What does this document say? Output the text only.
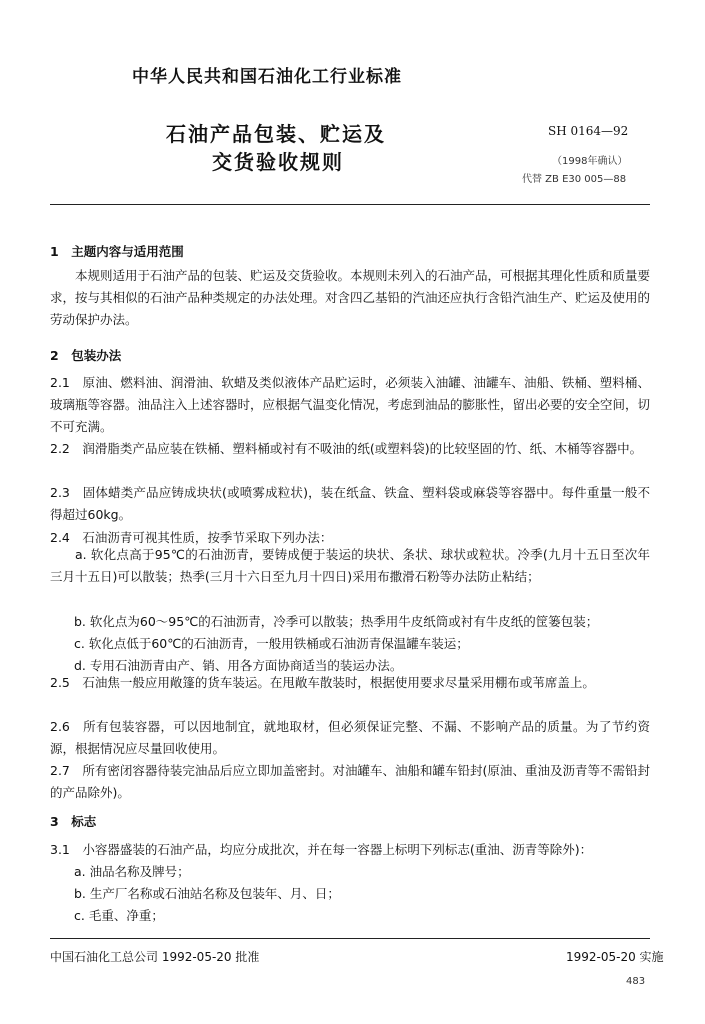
中华人民共和国石油化工行业标准
石油产品包装、贮运及
交货验收规则
SH 0164—92
（1998年确认）
代替 ZB E30 005—88
1　主题内容与适用范围
本规则适用于石油产品的包装、贮运及交货验收。本规则未列入的石油产品，可根据其理化性质和质量要求，按与其相似的石油产品种类规定的办法处理。对含四乙基铅的汽油还应执行含铅汽油生产、贮运及使用的劳动保护办法。
2　包装办法
2.1　原油、燃料油、润滑油、软蜡及类似液体产品贮运时，必须装入油罐、油罐车、油船、铁桶、塑料桶、玻璃瓶等容器。油品注入上述容器时，应根据气温变化情况，考虑到油品的膨胀性，留出必要的安全空间，切不可充满。
2.2　润滑脂类产品应装在铁桶、塑料桶或衬有不吸油的纸(或塑料袋)的比较坚固的竹、纸、木桶等容器中。
2.3　固体蜡类产品应铸成块状(或喷雾成粒状)，装在纸盒、铁盒、塑料袋或麻袋等容器中。每件重量一般不得超过60kg。
2.4　石油沥青可视其性质，按季节采取下列办法：
a. 软化点高于95℃的石油沥青，要铸成便于装运的块状、条状、球状或粒状。冷季(九月十五日至次年三月十五日)可以散装；热季(三月十六日至九月十四日)采用布撒滑石粉等办法防止粘结；
b. 软化点为60～95℃的石油沥青，冷季可以散装；热季用牛皮纸筒或衬有牛皮纸的筐篓包装；
c. 软化点低于60℃的石油沥青，一般用铁桶或石油沥青保温罐车装运；
d. 专用石油沥青由产、销、用各方面协商适当的装运办法。
2.5　石油焦一般应用敞篷的货车装运。在甩敞车散装时，根据使用要求尽量采用棚布或苇席盖上。
2.6　所有包装容器，可以因地制宜，就地取材，但必须保证完整、不漏、不影响产品的质量。为了节约资源，根据情况应尽量回收使用。
2.7　所有密闭容器待装完油品后应立即加盖密封。对油罐车、油船和罐车铅封(原油、重油及沥青等不需铅封的产品除外)。
3　标志
3.1　小容器盛装的石油产品，均应分成批次，并在每一容器上标明下列标志(重油、沥青等除外)：
a. 油品名称及牌号；
b. 生产厂名称或石油站名称及包装年、月、日；
c. 毛重、净重；
中国石油化工总公司 1992-05-20 批准	1992-05-20 实施
483
